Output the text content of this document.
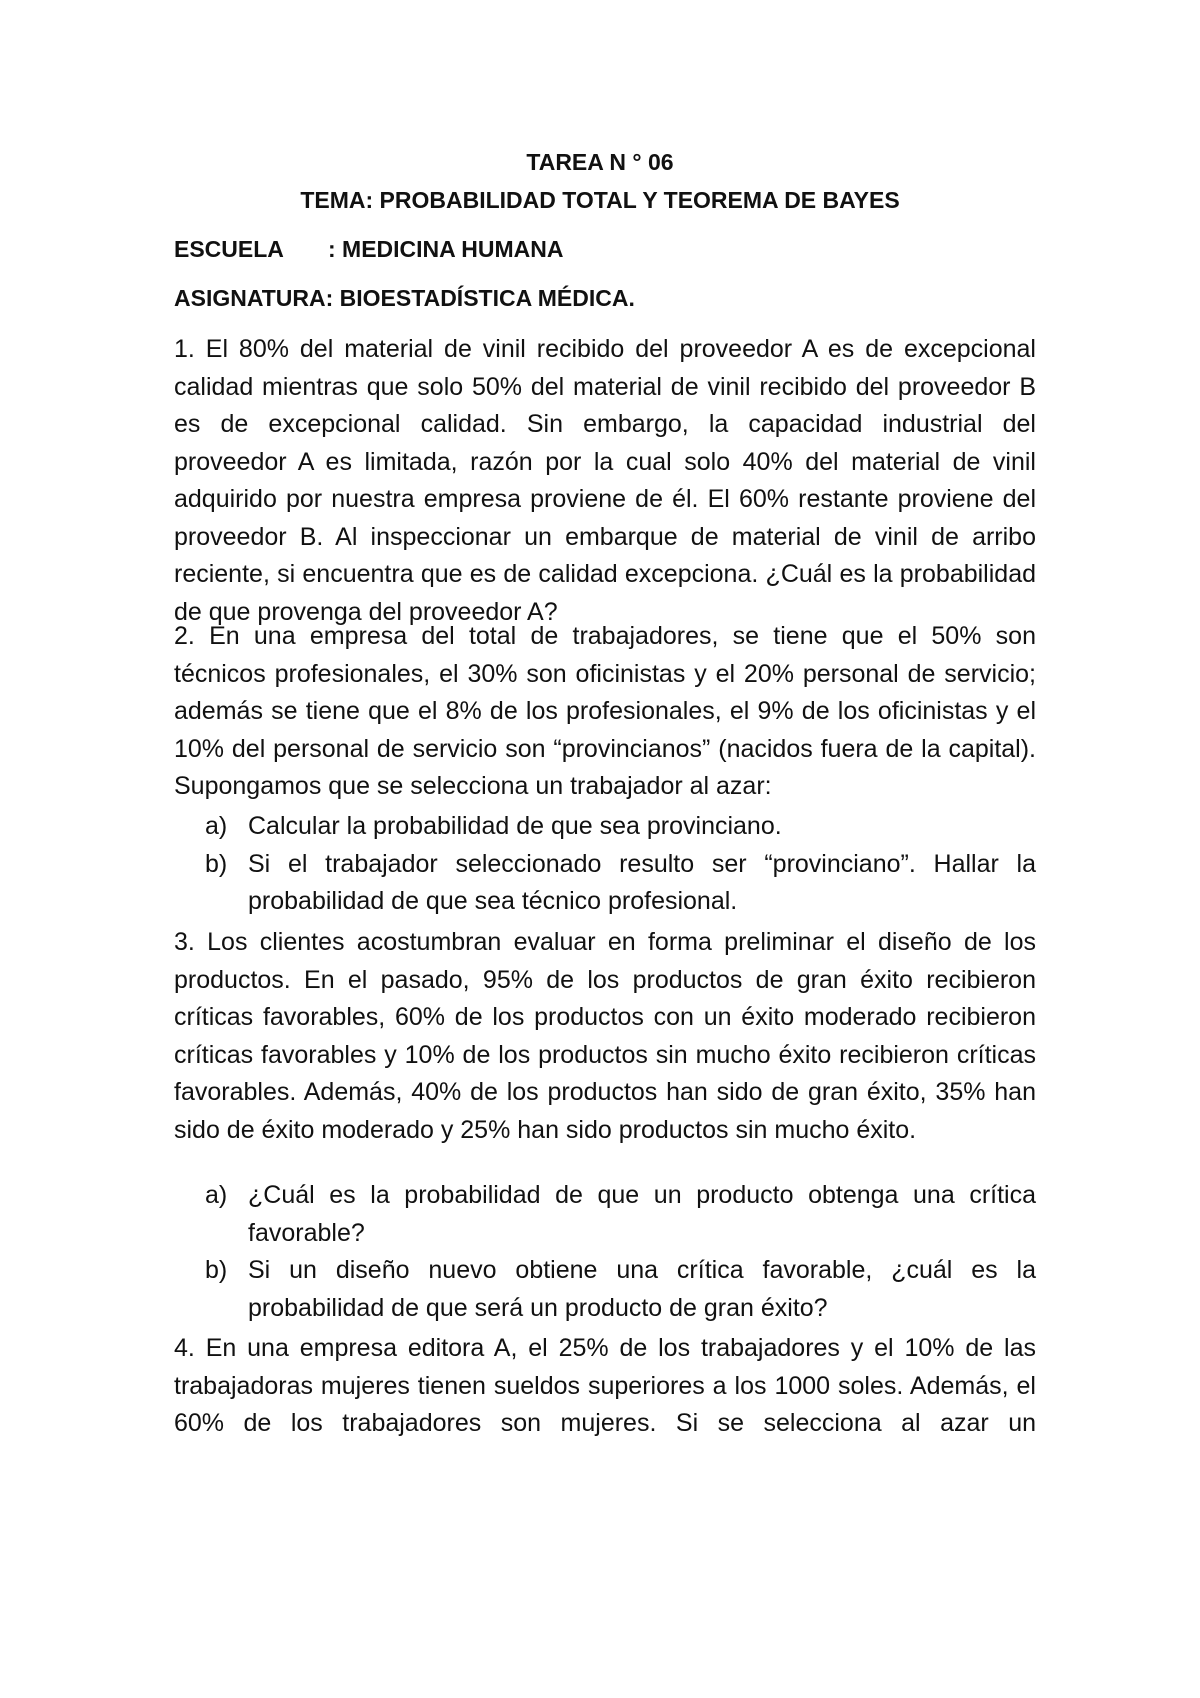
TAREA N ° 06
TEMA: PROBABILIDAD TOTAL Y TEOREMA DE BAYES
ESCUELA : MEDICINA HUMANA
ASIGNATURA: BIOESTADÍSTICA MÉDICA.
1. El 80% del material de vinil recibido del proveedor A es de excepcional calidad mientras que solo 50% del material de vinil recibido del proveedor B es de excepcional calidad. Sin embargo, la capacidad industrial del proveedor A es limitada, razón por la cual solo 40% del material de vinil adquirido por nuestra empresa proviene de él. El 60% restante proviene del proveedor B. Al inspeccionar un embarque de material de vinil de arribo reciente, si encuentra que es de calidad excepciona. ¿Cuál es la probabilidad de que provenga del proveedor A?
2. En una empresa del total de trabajadores, se tiene que el 50% son técnicos profesionales, el 30% son oficinistas y el 20% personal de servicio; además se tiene que el 8% de los profesionales, el 9% de los oficinistas y el 10% del personal de servicio son “provincianos” (nacidos fuera de la capital). Supongamos que se selecciona un trabajador al azar:
a) Calcular la probabilidad de que sea provinciano.
b) Si el trabajador seleccionado resulto ser “provinciano”. Hallar la probabilidad de que sea técnico profesional.
3. Los clientes acostumbran evaluar en forma preliminar el diseño de los productos. En el pasado, 95% de los productos de gran éxito recibieron críticas favorables, 60% de los productos con un éxito moderado recibieron críticas favorables y 10% de los productos sin mucho éxito recibieron críticas favorables. Además, 40% de los productos han sido de gran éxito, 35% han sido de éxito moderado y 25% han sido productos sin mucho éxito.
a) ¿Cuál es la probabilidad de que un producto obtenga una crítica favorable?
b) Si un diseño nuevo obtiene una crítica favorable, ¿cuál es la probabilidad de que será un producto de gran éxito?
4. En una empresa editora A, el 25% de los trabajadores y el 10% de las trabajadoras mujeres tienen sueldos superiores a los 1000 soles. Además, el 60% de los trabajadores son mujeres. Si se selecciona al azar un
